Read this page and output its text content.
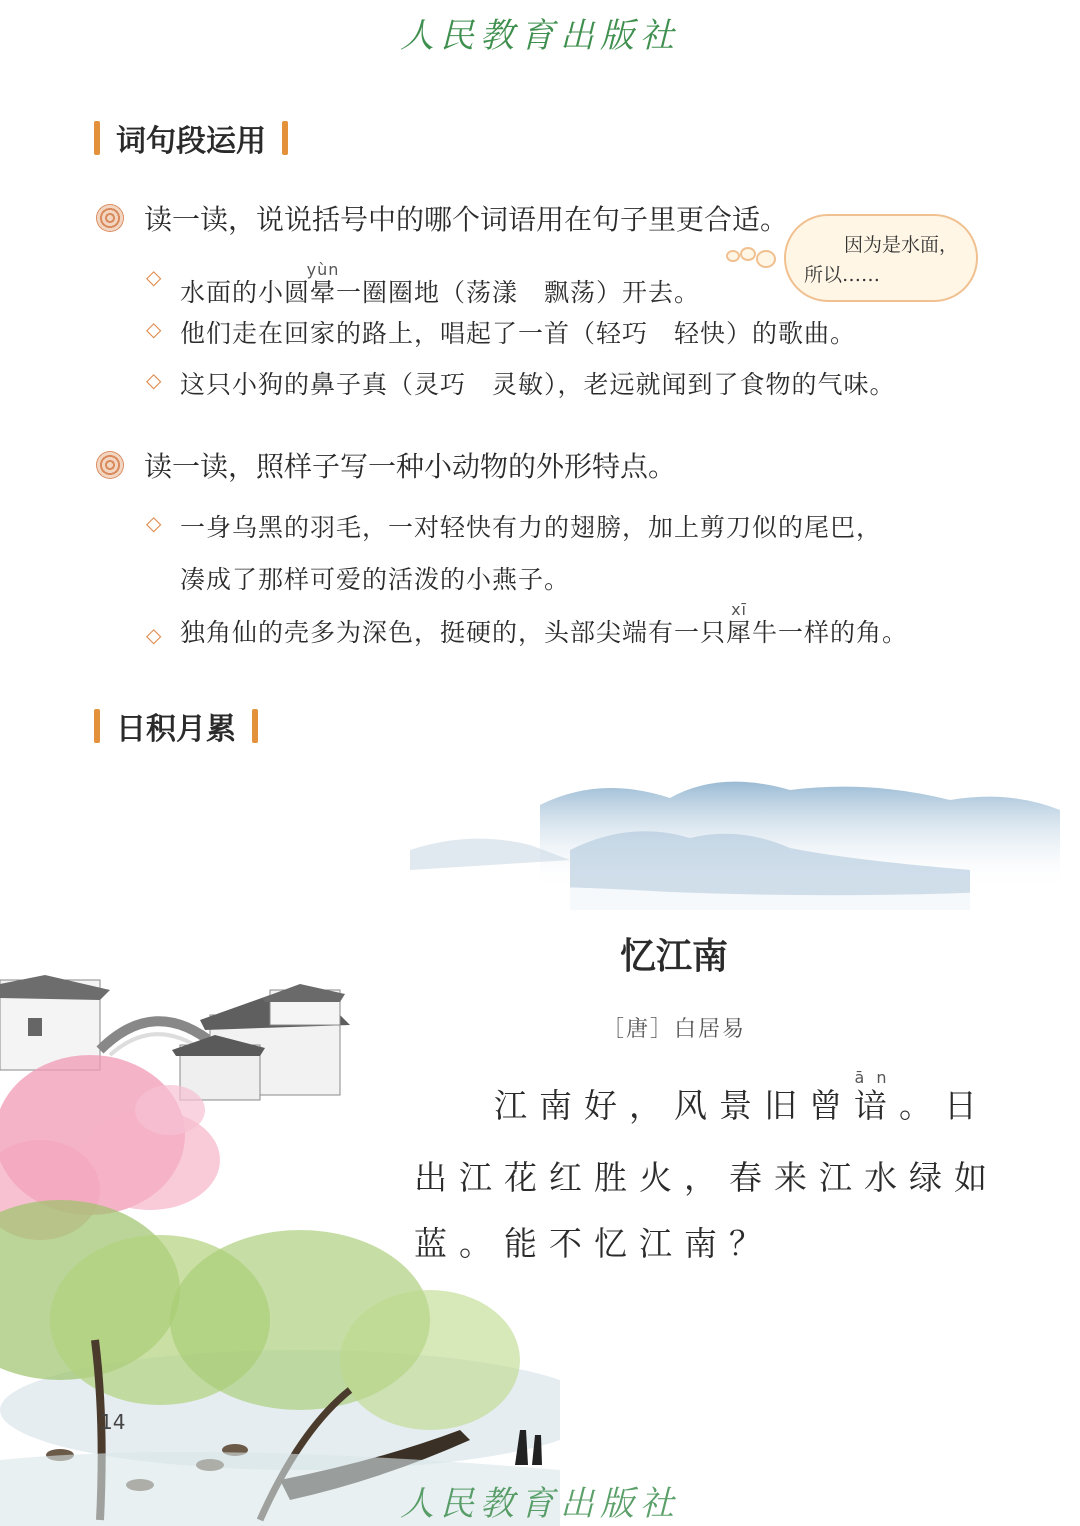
人民教育出版社
词句段运用
读一读，说说括号中的哪个词语用在句子里更合适。
◇
水面的小圆晕yùn一圈圈地（荡漾　飘荡）开去。
◇ 他们走在回家的路上，唱起了一首（轻巧　轻快）的歌曲。
◇ 这只小狗的鼻子真（灵巧　灵敏），老远就闻到了食物的气味。
因为是水面，
所以……
读一读，照样子写一种小动物的外形特点。
◇ 一身乌黑的羽毛，一对轻快有力的翅膀，加上剪刀似的尾巴，
凑成了那样可爱的活泼的小燕子。
◇ 独角仙的壳多为深色，挺硬的，头部尖端有一只犀xī牛一样的角。
日积月累
忆江南
［唐］白居易
江南好，风景旧曾谙ān。日
出江花红胜火，春来江水绿如
蓝。能不忆江南？
14
人民教育出版社
